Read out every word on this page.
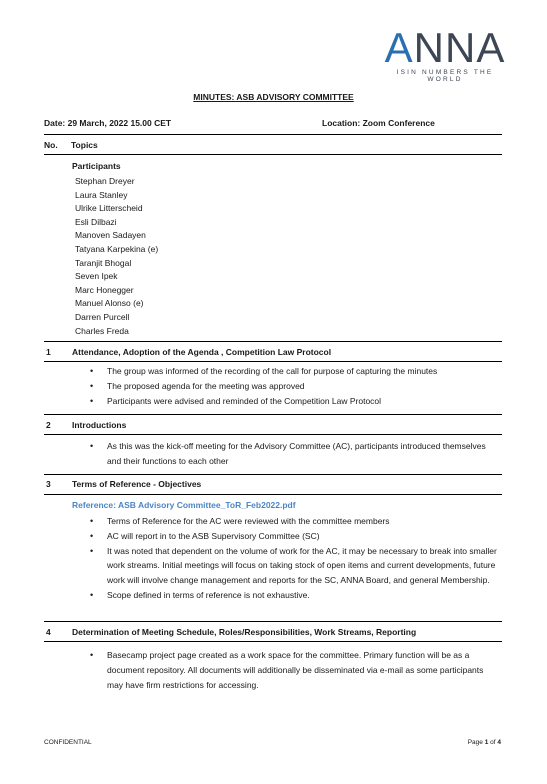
ANNA
ISIN NUMBERS THE WORLD
MINUTES: ASB ADVISORY COMMITTEE
Date: 29 March, 2022 15.00 CET	Location: Zoom Conference
No. Topics
Participants
Stephan Dreyer
Laura Stanley
Ulrike Litterscheid
Esli Dilbazi
Manoven Sadayen
Tatyana Karpekina (e)
Taranjit Bhogal
Seven Ipek
Marc Honegger
Manuel Alonso (e)
Darren Purcell
Charles Freda
1	Attendance, Adoption of the Agenda , Competition Law Protocol
• The group was informed of the recording of the call for purpose of capturing the minutes
• The proposed agenda for the meeting was approved
• Participants were advised and reminded of the Competition Law Protocol
2	Introductions
• As this was the kick-off meeting for the Advisory Committee (AC), participants introduced themselves and their functions to each other
3	Terms of Reference - Objectives
Reference: ASB Advisory Committee_ToR_Feb2022.pdf
• Terms of Reference for the AC were reviewed with the committee members
• AC will report in to the ASB Supervisory Committee (SC)
• It was noted that dependent on the volume of work for the AC, it may be necessary to break into smaller work streams. Initial meetings will focus on taking stock of open items and current developments, future work will involve change management and reports for the SC, ANNA Board, and general Membership.
• Scope defined in terms of reference is not exhaustive.
4	Determination of Meeting Schedule, Roles/Responsibilities, Work Streams, Reporting
• Basecamp project page created as a work space for the committee. Primary function will be as a document repository. All documents will additionally be disseminated via e-mail as some participants may have firm restrictions for accessing.
CONFIDENTIAL	Page 1 of 4
